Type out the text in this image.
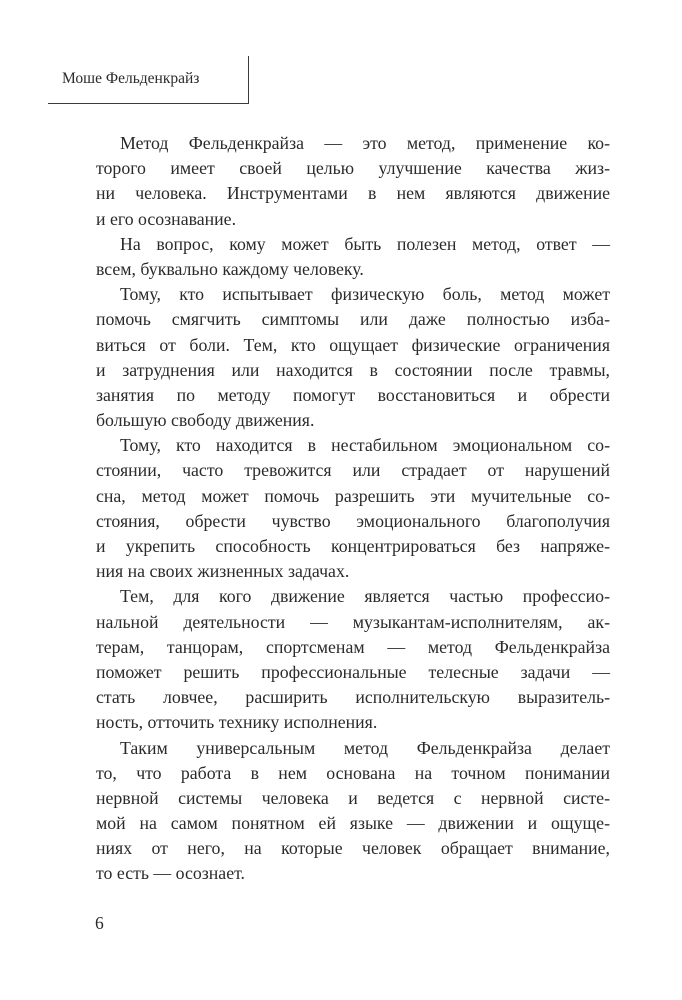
Моше Фельденкрайз
Метод Фельденкрайза — это метод, применение ко-
торого имеет своей целью улучшение качества жиз-
ни человека. Инструментами в нем являются движение
и его осознавание.
На вопрос, кому может быть полезен метод, ответ —
всем, буквально каждому человеку.
Тому, кто испытывает физическую боль, метод может
помочь смягчить симптомы или даже полностью изба-
виться от боли. Тем, кто ощущает физические ограничения
и затруднения или находится в состоянии после травмы,
занятия по методу помогут восстановиться и обрести
большую свободу движения.
Тому, кто находится в нестабильном эмоциональном со-
стоянии, часто тревожится или страдает от нарушений
сна, метод может помочь разрешить эти мучительные со-
стояния, обрести чувство эмоционального благополучия
и укрепить способность концентрироваться без напряже-
ния на своих жизненных задачах.
Тем, для кого движение является частью профессио-
нальной деятельности — музыкантам-исполнителям, ак-
терам, танцорам, спортсменам — метод Фельденкрайза
поможет решить профессиональные телесные задачи —
стать ловчее, расширить исполнительскую выразитель-
ность, отточить технику исполнения.
Таким универсальным метод Фельденкрайза делает
то, что работа в нем основана на точном понимании
нервной системы человека и ведется с нервной систе-
мой на самом понятном ей языке — движении и ощуще-
ниях от него, на которые человек обращает внимание,
то есть — осознает.
6
